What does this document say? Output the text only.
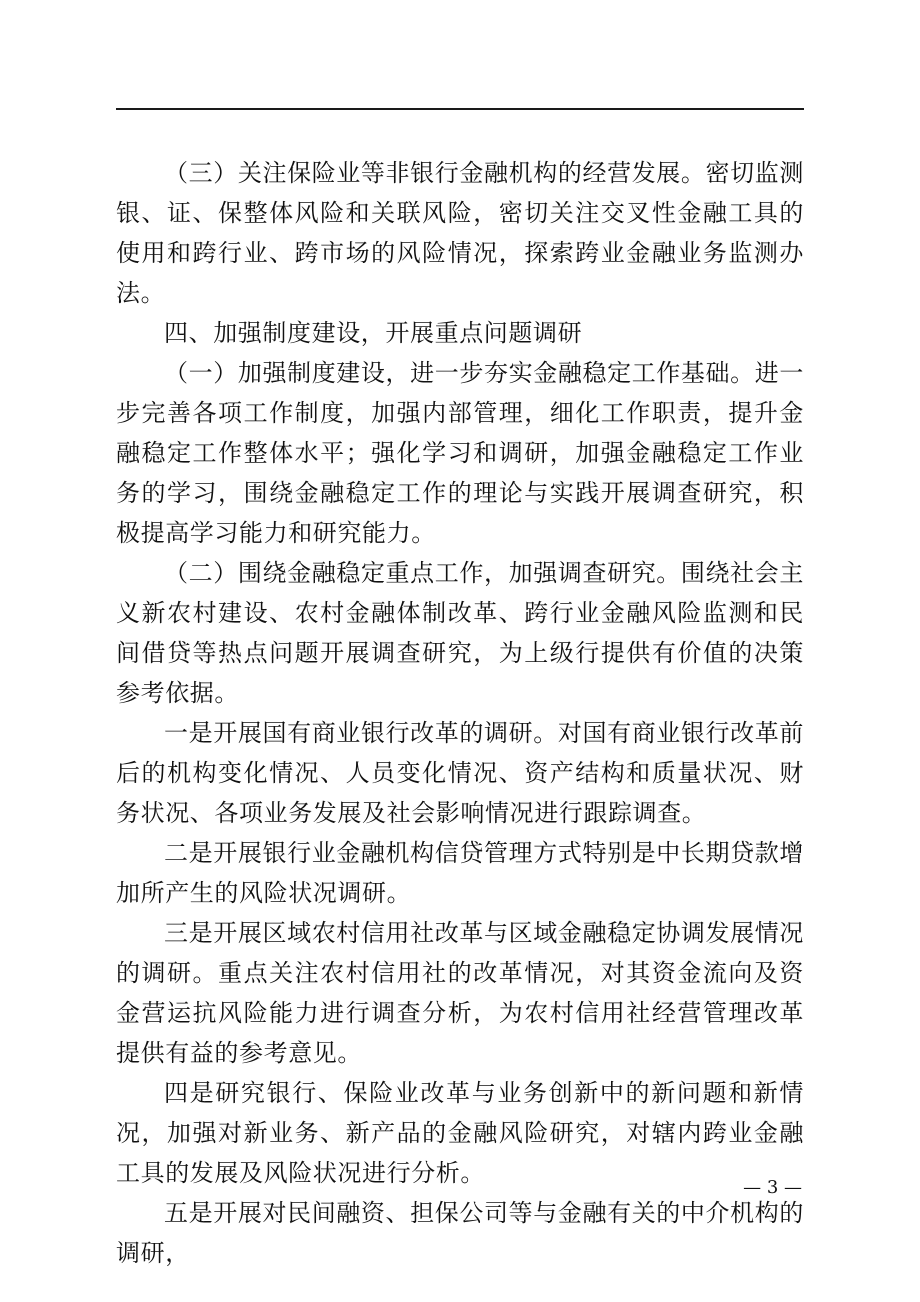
（三）关注保险业等非银行金融机构的经营发展。密切监测银、证、保整体风险和关联风险，密切关注交叉性金融工具的使用和跨行业、跨市场的风险情况，探索跨业金融业务监测办法。

四、加强制度建设，开展重点问题调研

（一）加强制度建设，进一步夯实金融稳定工作基础。进一步完善各项工作制度，加强内部管理，细化工作职责，提升金融稳定工作整体水平；强化学习和调研，加强金融稳定工作业务的学习，围绕金融稳定工作的理论与实践开展调查研究，积极提高学习能力和研究能力。

（二）围绕金融稳定重点工作，加强调查研究。围绕社会主义新农村建设、农村金融体制改革、跨行业金融风险监测和民间借贷等热点问题开展调查研究，为上级行提供有价值的决策参考依据。

一是开展国有商业银行改革的调研。对国有商业银行改革前后的机构变化情况、人员变化情况、资产结构和质量状况、财务状况、各项业务发展及社会影响情况进行跟踪调查。

二是开展银行业金融机构信贷管理方式特别是中长期贷款增加所产生的风险状况调研。

三是开展区域农村信用社改革与区域金融稳定协调发展情况的调研。重点关注农村信用社的改革情况，对其资金流向及资金营运抗风险能力进行调查分析，为农村信用社经营管理改革提供有益的参考意见。

四是研究银行、保险业改革与业务创新中的新问题和新情况，加强对新业务、新产品的金融风险研究，对辖内跨业金融工具的发展及风险状况进行分析。

五是开展对民间融资、担保公司等与金融有关的中介机构的调研，

— 3 —
